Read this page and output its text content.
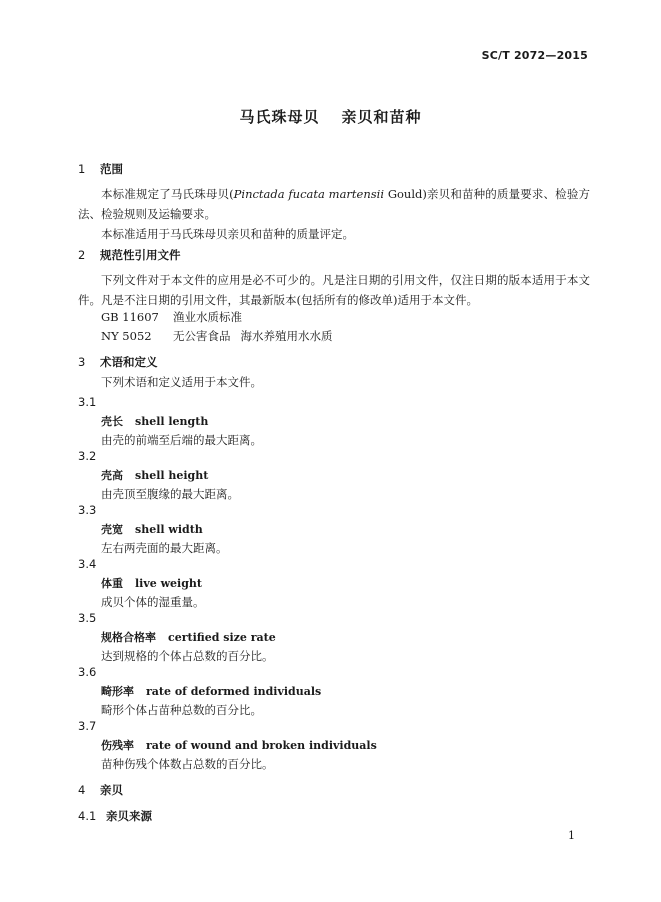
SC/T 2072—2015
马氏珠母贝 亲贝和苗种
1 范围
本标准规定了马氏珠母贝(Pinctada fucata martensii Gould)亲贝和苗种的质量要求、检验方法、检验规则及运输要求。
本标准适用于马氏珠母贝亲贝和苗种的质量评定。
2 规范性引用文件
下列文件对于本文件的应用是必不可少的。凡是注日期的引用文件，仅注日期的版本适用于本文件。凡是不注日期的引用文件，其最新版本(包括所有的修改单)适用于本文件。
GB 11607 渔业水质标准
NY 5052 无公害食品 海水养殖用水水质
3 术语和定义
下列术语和定义适用于本文件。
3.1
壳长 shell length
由壳的前端至后端的最大距离。
3.2
壳高 shell height
由壳顶至腹缘的最大距离。
3.3
壳宽 shell width
左右两壳面的最大距离。
3.4
体重 live weight
成贝个体的湿重量。
3.5
规格合格率 certified size rate
达到规格的个体占总数的百分比。
3.6
畸形率 rate of deformed individuals
畸形个体占苗种总数的百分比。
3.7
伤残率 rate of wound and broken individuals
苗种伤残个体数占总数的百分比。
4 亲贝
4.1 亲贝来源
1
